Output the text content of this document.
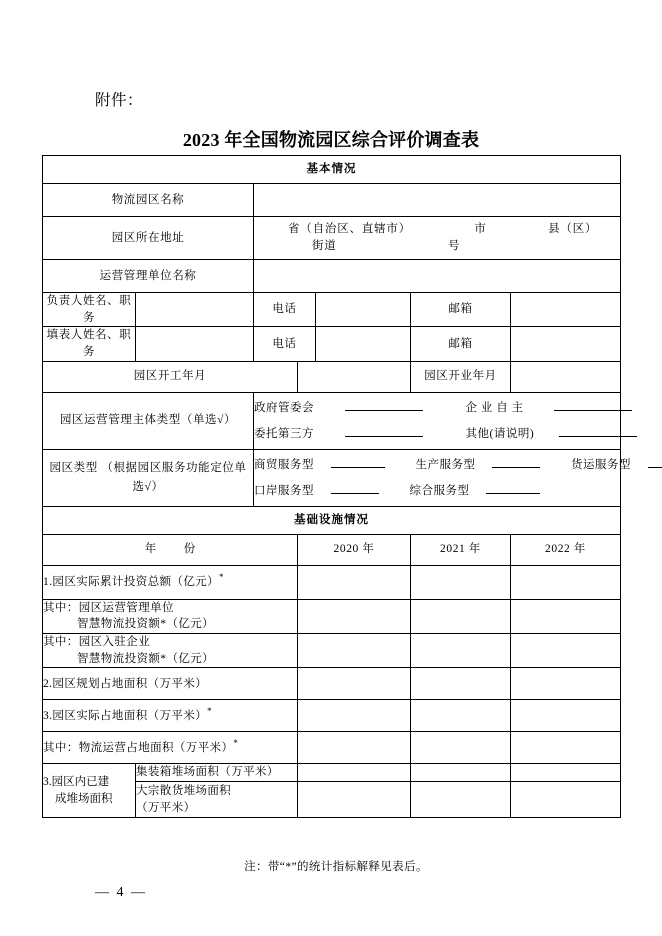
附件：
2023 年全国物流园区综合评价调查表
基本情况						
物流园区名称						
园区所在地址		省（自治区、直辖市） 市 县（区）
街道 号				

运营管理单位名称						
负责人姓名、职务		电话			邮箱	
填表人姓名、职务		电话			邮箱	
园区开工年月					园区开业年月	
园区运营管理主体类型（单选√）		政府管委会 企 业 自 主
委托第三方 其他(请说明)				

园区类型 （根据园区服务功能定位单选√）		商贸服务型 生产服务型 货运服务型
口岸服务型 综合服务型				

基础设施情况						
年　份			2020 年		2021 年	2022 年
1.园区实际累计投资总额（亿元）*			
其中：园区运营管理单位
智慧物流投资额*（亿元）						

其中：园区入驻企业
智慧物流投资额*（亿元）						

2.园区规划占地面积（万平米）						
3.园区实际占地面积（万平米）*			
其中：物流运营占地面积（万平米）*			
3.园区内已建
成堆场面积	集装箱堆场面积（万平米）					
	大宗散货堆场面积
（万平米）					

注：带“*”的统计指标解释见表后。
— 4 —
